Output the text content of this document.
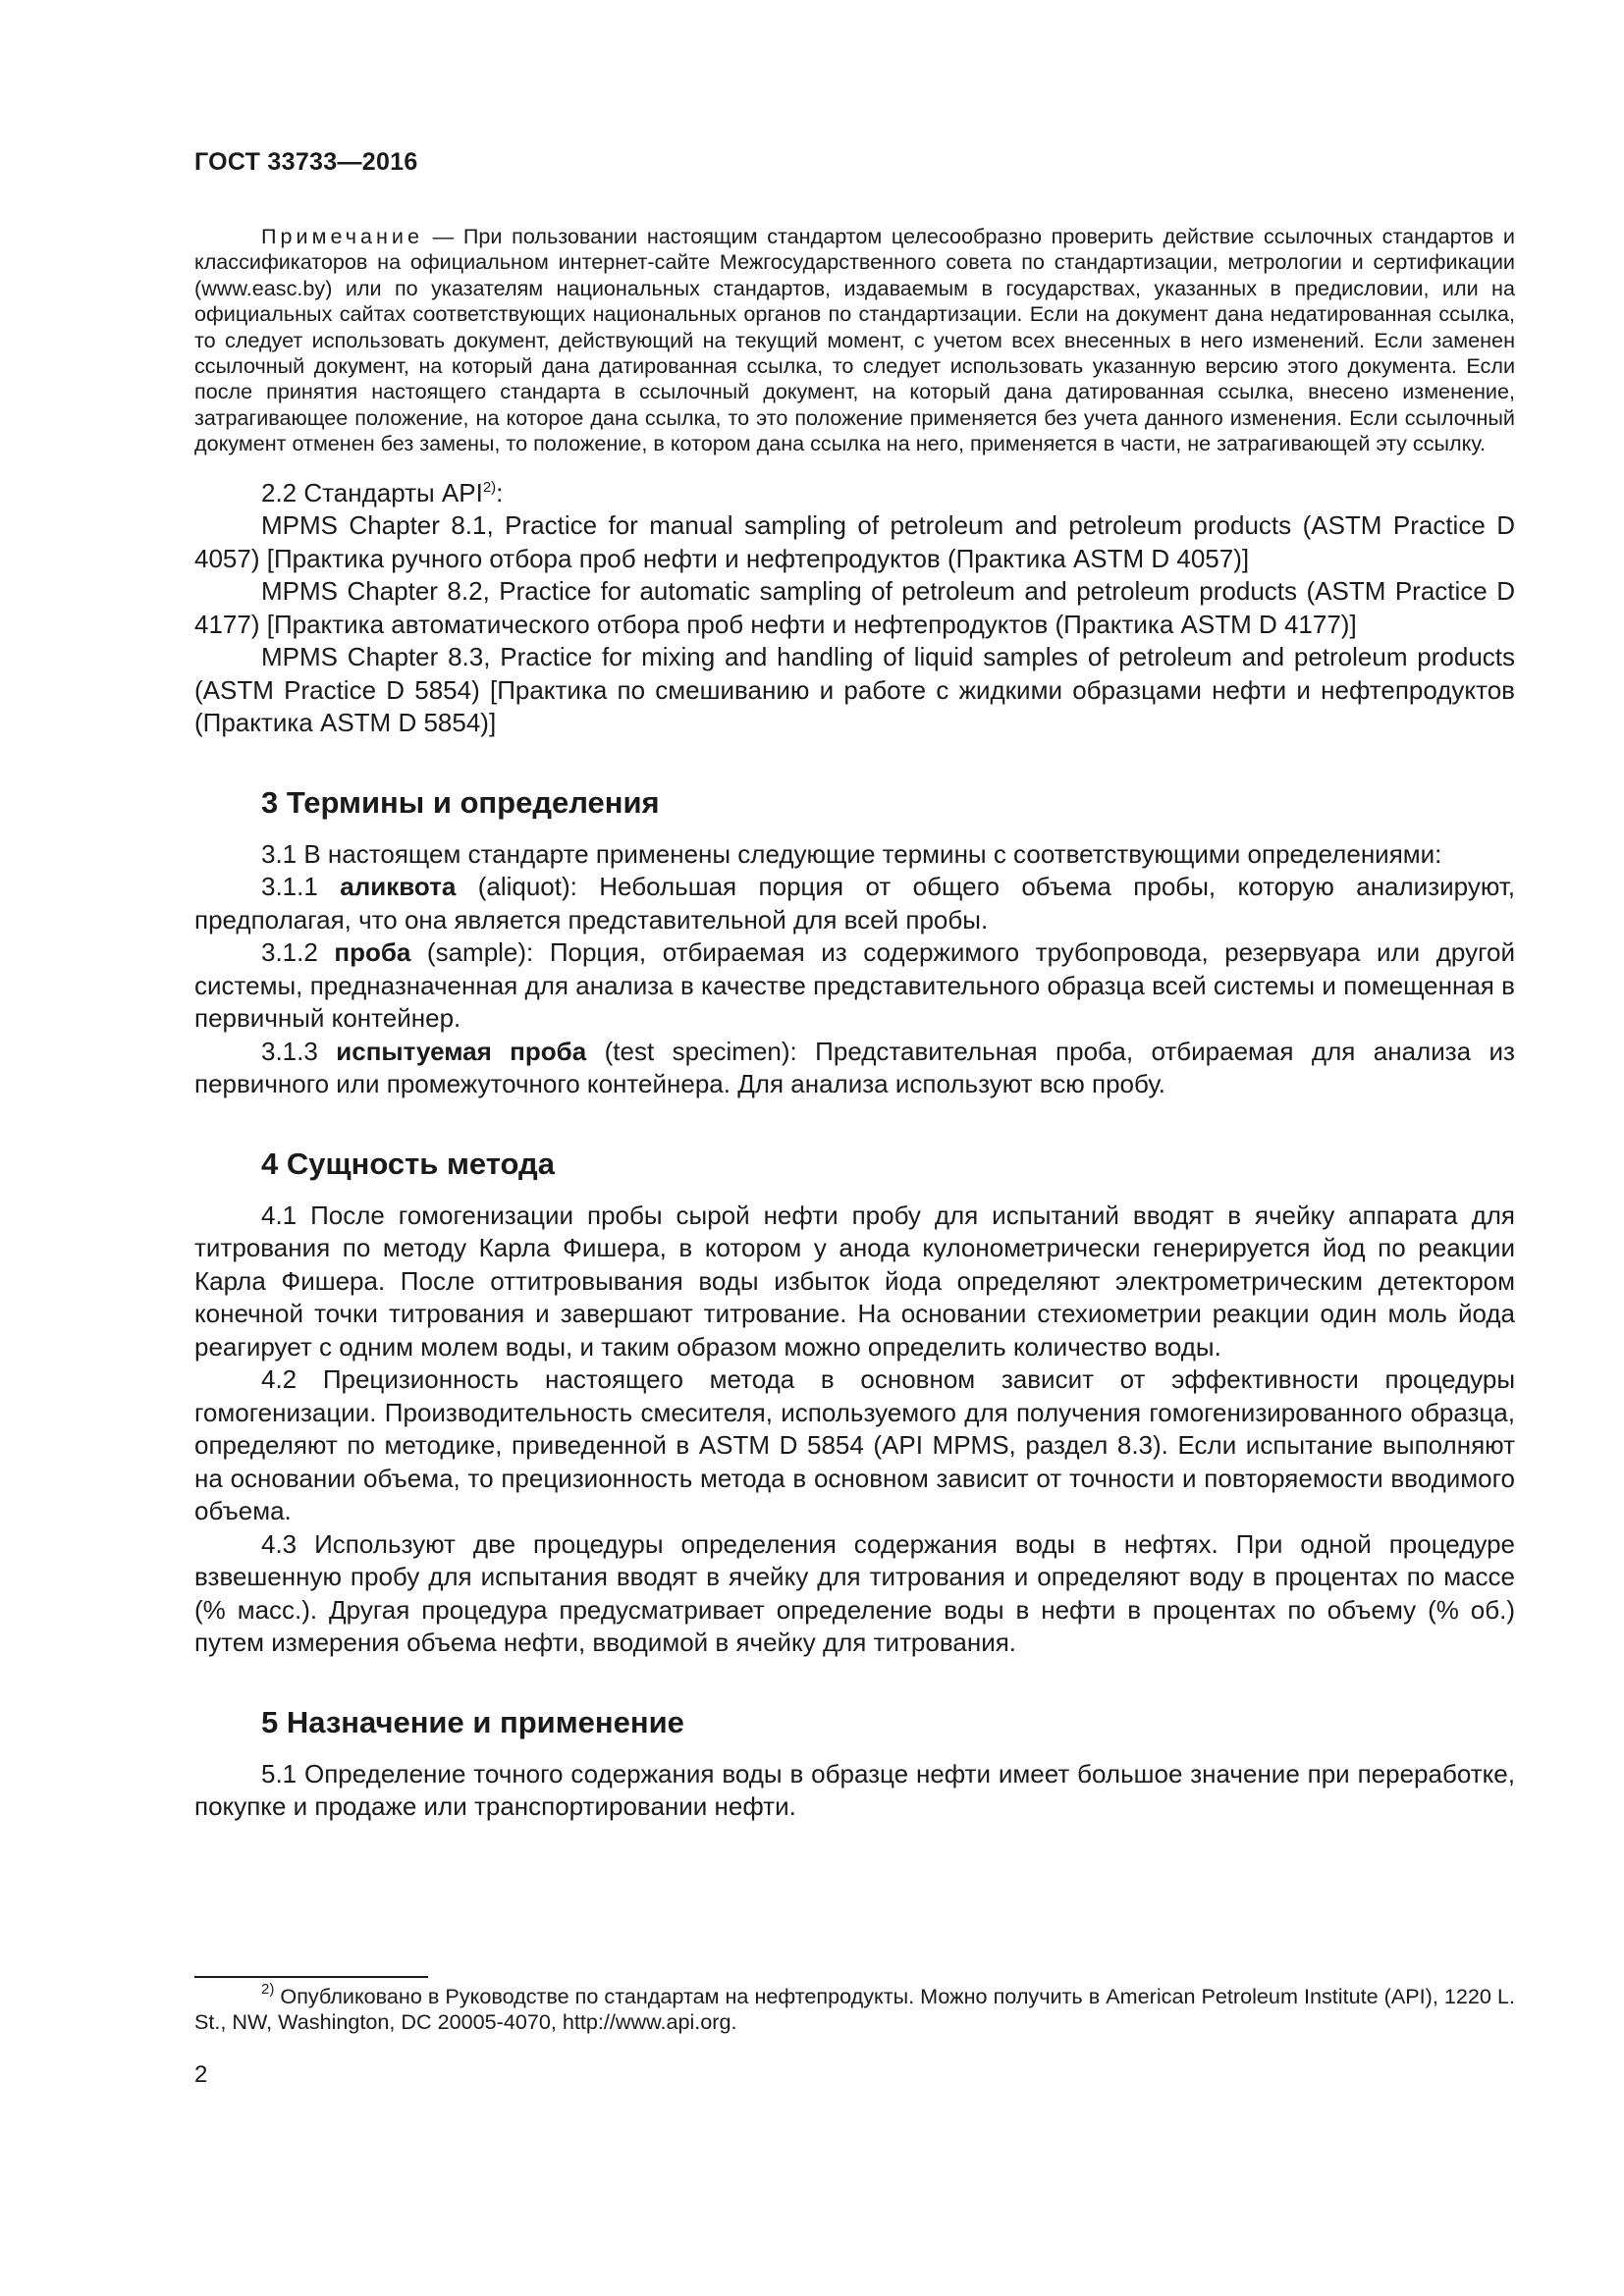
ГОСТ 33733—2016

Примечание — При пользовании настоящим стандартом целесообразно проверить действие ссылочных стандартов и классификаторов на официальном интернет-сайте Межгосударственного совета по стандартизации, метрологии и сертификации (www.easc.by) или по указателям национальных стандартов, издаваемым в государствах, указанных в предисловии, или на официальных сайтах соответствующих национальных органов по стандартизации. Если на документ дана недатированная ссылка, то следует использовать документ, действующий на текущий момент, с учетом всех внесенных в него изменений. Если заменен ссылочный документ, на который дана датированная ссылка, то следует использовать указанную версию этого документа. Если после принятия настоящего стандарта в ссылочный документ, на который дана датированная ссылка, внесено изменение, затрагивающее положение, на которое дана ссылка, то это положение применяется без учета данного изменения. Если ссылочный документ отменен без замены, то положение, в котором дана ссылка на него, применяется в части, не затрагивающей эту ссылку.

2.2 Стандарты API$^{2)}$:

MPMS Chapter 8.1, Practice for manual sampling of petroleum and petroleum products (ASTM Practice D 4057) [Практика ручного отбора проб нефти и нефтепродуктов (Практика ASTM D 4057)]

MPMS Chapter 8.2, Practice for automatic sampling of petroleum and petroleum products (ASTM Practice D 4177) [Практика автоматического отбора проб нефти и нефтепродуктов (Практика ASTM D 4177)]

MPMS Chapter 8.3, Practice for mixing and handling of liquid samples of petroleum and petroleum products (ASTM Practice D 5854) [Практика по смешиванию и работе с жидкими образцами нефти и нефтепродуктов (Практика ASTM D 5854)]

3 Термины и определения

3.1 В настоящем стандарте применены следующие термины с соответствующими определениями:

3.1.1 аликвота (aliquot): Небольшая порция от общего объема пробы, которую анализируют, предполагая, что она является представительной для всей пробы.

3.1.2 проба (sample): Порция, отбираемая из содержимого трубопровода, резервуара или другой системы, предназначенная для анализа в качестве представительного образца всей системы и помещенная в первичный контейнер.

3.1.3 испытуемая проба (test specimen): Представительная проба, отбираемая для анализа из первичного или промежуточного контейнера. Для анализа используют всю пробу.

4 Сущность метода

4.1 После гомогенизации пробы сырой нефти пробу для испытаний вводят в ячейку аппарата для титрования по методу Карла Фишера, в котором у анода кулонометрически генерируется йод по реакции Карла Фишера. После оттитровывания воды избыток йода определяют электрометрическим детектором конечной точки титрования и завершают титрование. На основании стехиометрии реакции один моль йода реагирует с одним молем воды, и таким образом можно определить количество воды.

4.2 Прецизионность настоящего метода в основном зависит от эффективности процедуры гомогенизации. Производительность смесителя, используемого для получения гомогенизированного образца, определяют по методике, приведенной в ASTM D 5854 (API MPMS, раздел 8.3). Если испытание выполняют на основании объема, то прецизионность метода в основном зависит от точности и повторяемости вводимого объема.

4.3 Используют две процедуры определения содержания воды в нефтях. При одной процедуре взвешенную пробу для испытания вводят в ячейку для титрования и определяют воду в процентах по массе (% масс.). Другая процедура предусматривает определение воды в нефти в процентах по объему (% об.) путем измерения объема нефти, вводимой в ячейку для титрования.

5 Назначение и применение

5.1 Определение точного содержания воды в образце нефти имеет большое значение при переработке, покупке и продаже или транспортировании нефти.

$^{2)}$ Опубликовано в Руководстве по стандартам на нефтепродукты. Можно получить в American Petroleum Institute (API), 1220 L. St., NW, Washington, DC 20005-4070, http://www.api.org.

2
